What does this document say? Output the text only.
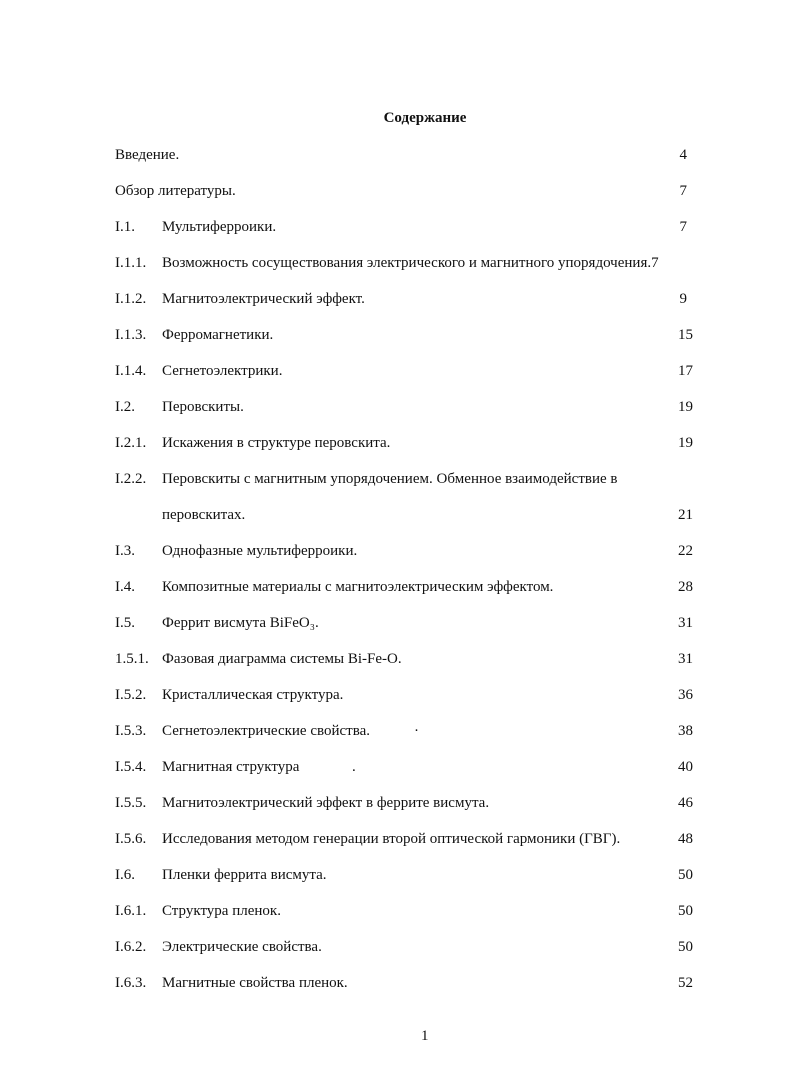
Содержание
Введение.	4
Обзор литературы.	7
I.1. Мультиферроики.	7
I.1.1. Возможность сосуществования электрического и магнитного упорядочения.7
I.1.2. Магнитоэлектрический эффект.	9
I.1.3. Ферромагнетики.	15
I.1.4. Сегнетоэлектрики.	17
I.2. Перовскиты.	19
I.2.1. Искажения в структуре перовскита.	19
I.2.2. Перовскиты с магнитным упорядочением. Обменное взаимодействие в
перовскитах.	21
I.3. Однофазные мультиферроики.	22
I.4. Композитные материалы с магнитоэлектрическим эффектом.	28
I.5. Феррит висмута BiFeO₃.	31
1.5.1. Фазовая диаграмма системы Bi-Fe-O.	31
I.5.2. Кристаллическая структура.	36
I.5.3. Сегнетоэлектрические свойства.	·	38
I.5.4. Магнитная структура	.	40
I.5.5. Магнитоэлектрический эффект в феррите висмута.	46
I.5.6. Исследования методом генерации второй оптической гармоники (ГВГ).	48
I.6. Пленки феррита висмута.	50
I.6.1. Структура пленок.	50
I.6.2. Электрические свойства.	50
I.6.3. Магнитные свойства пленок.	52
1
